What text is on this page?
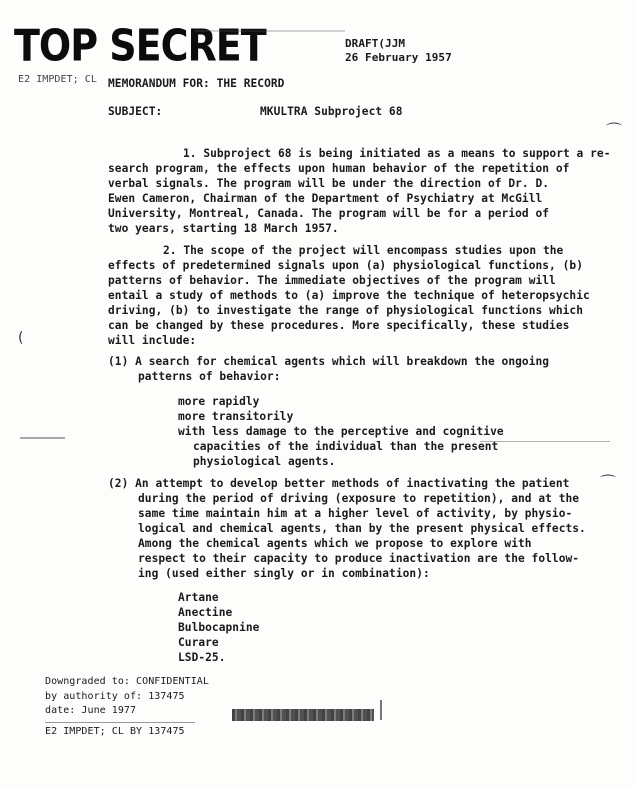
TOP SECRET	DRAFT(JJM
26 February 1957
E2 IMPDET; CL MEMORANDUM FOR: THE RECORD
SUBJECT:	MKULTRA Subproject 68
1. Subproject 68 is being initiated as a means to support a re-
search program, the effects upon human behavior of the repetition of
verbal signals. The program will be under the direction of Dr. D.
Ewen Cameron, Chairman of the Department of Psychiatry at McGill
University, Montreal, Canada. The program will be for a period of
two years, starting 18 March 1957.
2. The scope of the project will encompass studies upon the
effects of predetermined signals upon (a) physiological functions, (b)
patterns of behavior. The immediate objectives of the program will
entail a study of methods to (a) improve the technique of heteropsychic
driving, (b) to investigate the range of physiological functions which
can be changed by these procedures. More specifically, these studies
will include:
(1) A search for chemical agents which will breakdown the ongoing
patterns of behavior:
more rapidly
more transitorily
with less damage to the perceptive and cognitive
capacities of the individual than the present
physiological agents.
(2) An attempt to develop better methods of inactivating the patient
during the period of driving (exposure to repetition), and at the
same time maintain him at a higher level of activity, by physio-
logical and chemical agents, than by the present physical effects.
Among the chemical agents which we propose to explore with
respect to their capacity to produce inactivation are the follow-
ing (used either singly or in combination):
Artane
Anectine
Bulbocapnine
Curare
LSD-25.
Downgraded to: CONFIDENTIAL
by authority of: 137475
date: June 1977
E2 IMPDET; CL BY 137475
⌒
⌒
(
